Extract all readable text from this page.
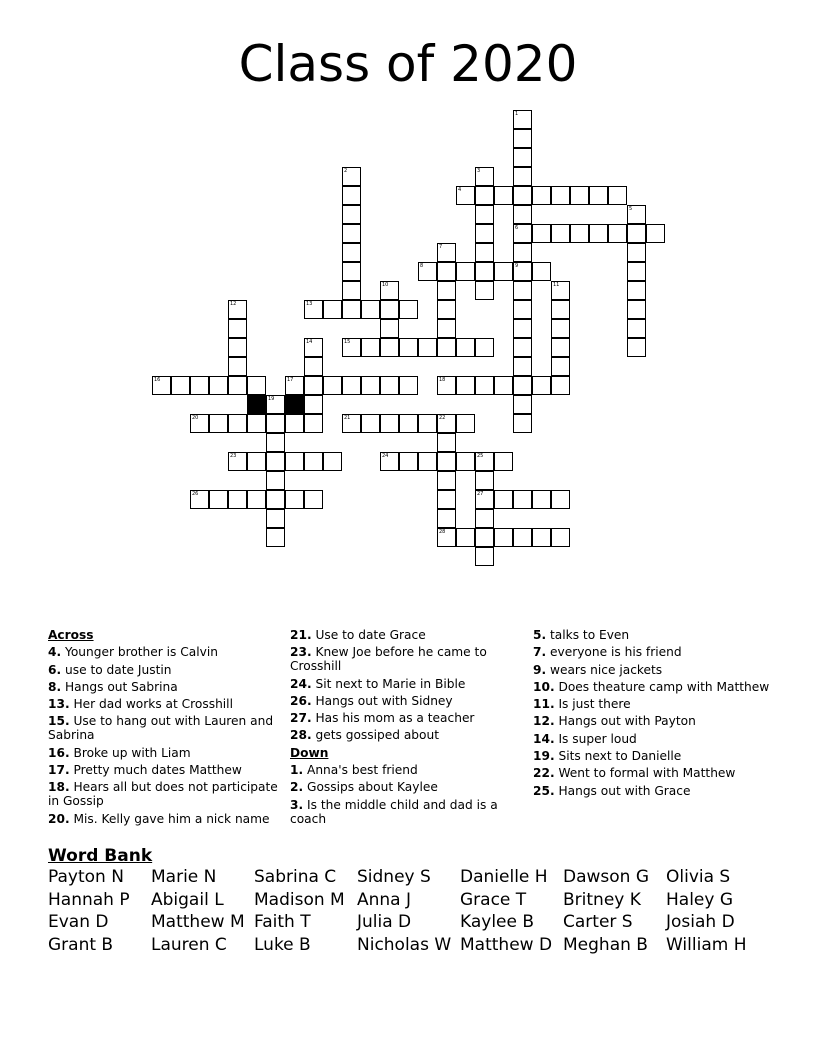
Class of 2020
1
6
9
2	3
4
5
7
8
10	11
12	13
14	15
16	17	18
19
20	21	22
23	24	25
27
26
28
Across
4. Younger brother is Calvin
6. use to date Justin
8. Hangs out Sabrina
13. Her dad works at Crosshill
15. Use to hang out with Lauren and Sabrina
16. Broke up with Liam
17. Pretty much dates Matthew
18. Hears all but does not participate in Gossip
20. Mis. Kelly gave him a nick name
21. Use to date Grace
23. Knew Joe before he came to Crosshill
24. Sit next to Marie in Bible
26. Hangs out with Sidney
27. Has his mom as a teacher
28. gets gossiped about
Down
1. Anna's best friend
2. Gossips about Kaylee
3. Is the middle child and dad is a coach
5. talks to Even
7. everyone is his friend
9. wears nice jackets
10. Does theature camp with Matthew
11. Is just there
12. Hangs out with Payton
14. Is super loud
19. Sits next to Danielle
22. Went to formal with Matthew
25. Hangs out with Grace
Word Bank
Payton N Marie N Sabrina C Sidney S Danielle H Dawson G Olivia S
Hannah P Abigail L Madison M Anna J	Grace T Britney K Haley G
Evan D	Matthew M Faith T	Julia D	Kaylee B Carter S Josiah D
Grant B Lauren C Luke B	Nicholas W Matthew D Meghan B William H
